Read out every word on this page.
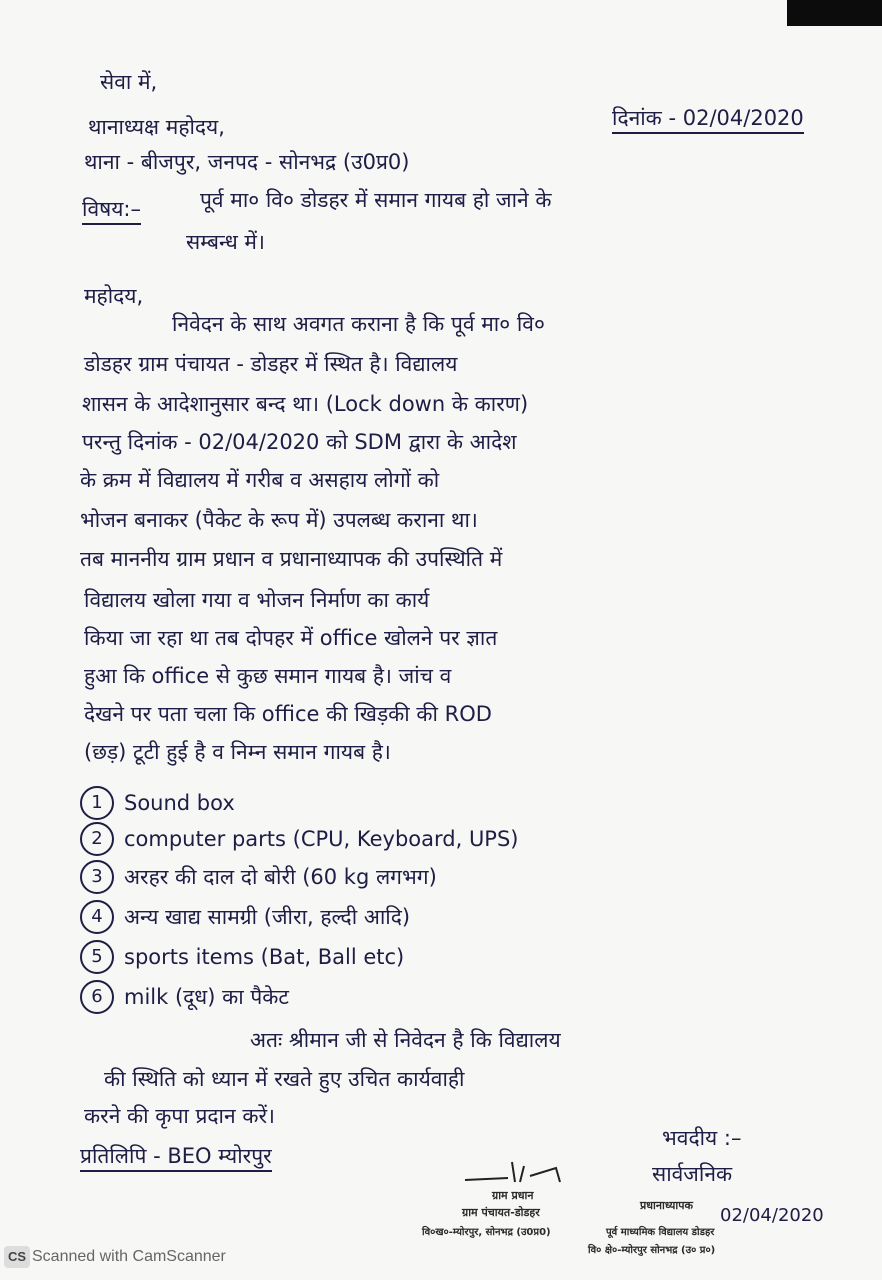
सेवा में,
थानाध्यक्ष महोदय,
थाना - बीजपुर, जनपद - सोनभद्र (उ0प्र0)
दिनांक - 02/04/2020
विषय:–	पूर्व मा० वि० डोडहर में समान गायब हो जाने के
सम्बन्ध में।
महोदय,
निवेदन के साथ अवगत कराना है कि पूर्व मा० वि०
डोडहर ग्राम पंचायत - डोडहर में स्थित है। विद्यालय
शासन के आदेशानुसार बन्द था। (Lock down के कारण)
परन्तु दिनांक - 02/04/2020 को SDM द्वारा के आदेश
के क्रम में विद्यालय में गरीब व असहाय लोगों को
भोजन बनाकर (पैकेट के रूप में) उपलब्ध कराना था।
तब माननीय ग्राम प्रधान व प्रधानाध्यापक की उपस्थिति में
विद्यालय खोला गया व भोजन निर्माण का कार्य
किया जा रहा था तब दोपहर में office खोलने पर ज्ञात
हुआ कि office से कुछ समान गायब है। जांच व
देखने पर पता चला कि office की खिड़की की ROD
(छड़) टूटी हुई है व निम्न समान गायब है।
1 Sound box
2 computer parts (CPU, Keyboard, UPS)
3 अरहर की दाल दो बोरी (60 kg लगभग)
4 अन्य खाद्य सामग्री (जीरा, हल्दी आदि)
5 sports items (Bat, Ball etc)
6 milk (दूध) का पैकेट
अतः श्रीमान जी से निवेदन है कि विद्यालय
की स्थिति को ध्यान में रखते हुए उचित कार्यवाही
करने की कृपा प्रदान करें।
प्रतिलिपि - BEO म्योरपुर
भवदीय :–
सार्वजनिक
02/04/2020
ग्राम प्रधान
ग्राम पंचायत-डोडहर
वि०ख०-म्योरपुर, सोनभद्र (उ0प्र0)
प्रधानाध्यापक
पूर्व माध्यमिक विद्यालय डोडहर
वि० क्षे०-म्योरपुर सोनभद्र (उ० प्र०)
CS Scanned with CamScanner
